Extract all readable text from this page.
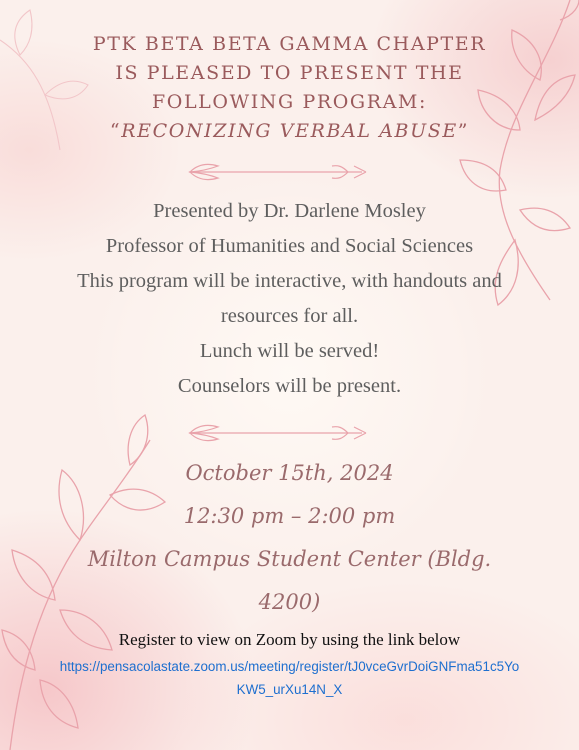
PTK BETA BETA GAMMA CHAPTER
IS PLEASED TO PRESENT THE
FOLLOWING PROGRAM:
“RECONIZING VERBAL ABUSE”
Presented by Dr. Darlene Mosley
Professor of Humanities and Social Sciences
This program will be interactive, with handouts and
resources for all.
Lunch will be served!
Counselors will be present.
October 15th, 2024
12:30 pm – 2:00 pm
Milton Campus Student Center (Bldg.
4200)
Register to view on Zoom by using the link below
https://pensacolastate.zoom.us/meeting/register/tJ0vceGvrDoiGNFma51c5Yo
KW5_urXu14N_X
